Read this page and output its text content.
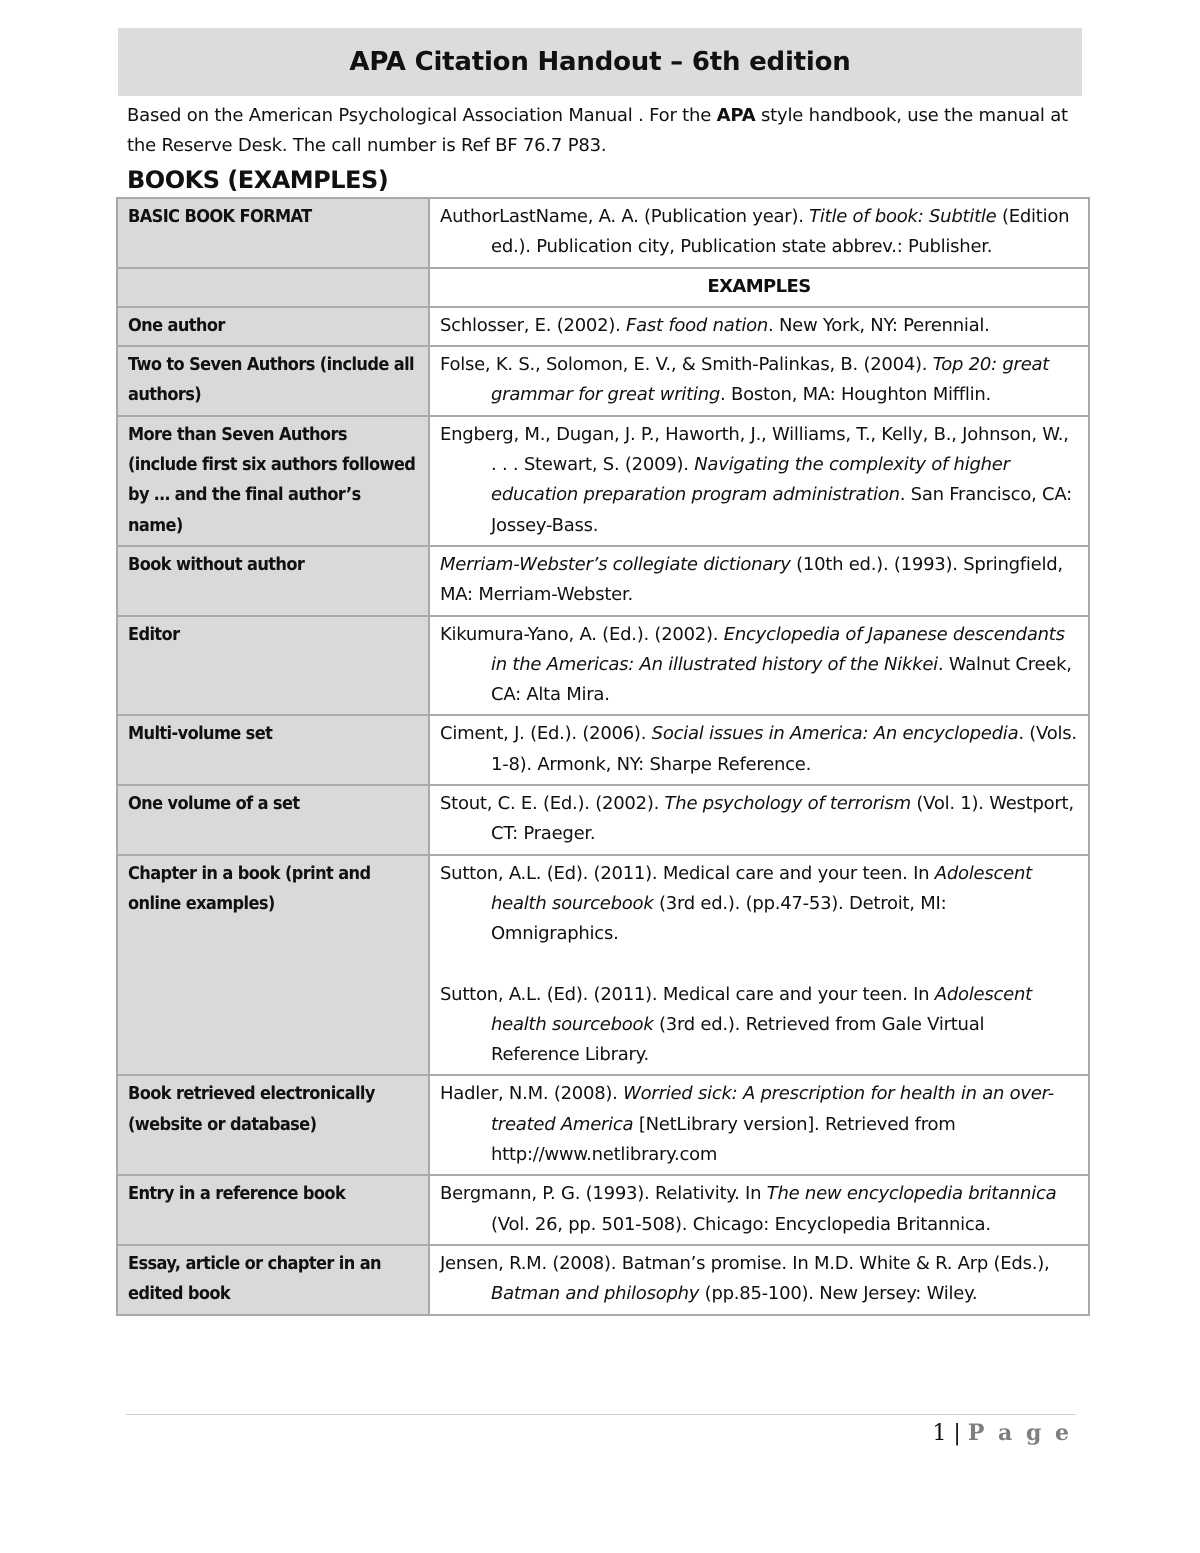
APA Citation Handout – 6th edition

Based on the American Psychological Association Manual . For the APA style handbook, use the manual at the Reserve Desk. The call number is Ref BF 76.7 P83.

BOOKS (EXAMPLES)
BASIC BOOK FORMAT	AuthorLastName, A. A. (Publication year). Title of book: Subtitle (Edition ed.). Publication city, Publication state abbrev.: Publisher.

	EXAMPLES
One author	Schlosser, E. (2002). Fast food nation. New York, NY: Perennial.

Two to Seven Authors (include all authors)	Folse, K. S., Solomon, E. V., & Smith-Palinkas, B. (2004). Top 20: great grammar for great writing. Boston, MA: Houghton Mifflin.

More than Seven Authors (include first six authors followed by … and the final author’s name)	Engberg, M., Dugan, J. P., Haworth, J., Williams, T., Kelly, B., Johnson, W., . . . Stewart, S. (2009). Navigating the complexity of higher education preparation program administration. San Francisco, CA: Jossey-Bass.

Book without author	Merriam-Webster’s collegiate dictionary (10th ed.). (1993). Springfield, MA: Merriam-Webster.

Editor	Kikumura-Yano, A. (Ed.). (2002). Encyclopedia of Japanese descendants in the Americas: An illustrated history of the Nikkei. Walnut Creek, CA: Alta Mira.

Multi-volume set	Ciment, J. (Ed.). (2006). Social issues in America: An encyclopedia. (Vols. 1-8). Armonk, NY: Sharpe Reference.

One volume of a set	Stout, C. E. (Ed.). (2002). The psychology of terrorism (Vol. 1). Westport, CT: Praeger.

Chapter in a book (print and online examples)	Sutton, A.L. (Ed). (2011). Medical care and your teen. In Adolescent health sourcebook (3rd ed.). (pp.47-53). Detroit, MI: Omnigraphics.
Sutton, A.L. (Ed). (2011). Medical care and your teen. In Adolescent health sourcebook (3rd ed.). Retrieved from Gale Virtual Reference Library.

Book retrieved electronically (website or database)	Hadler, N.M. (2008). Worried sick: A prescription for health in an over-treated America [NetLibrary version]. Retrieved from http://www.netlibrary.com

Entry in a reference book	Bergmann, P. G. (1993). Relativity. In The new encyclopedia britannica (Vol. 26, pp. 501-508). Chicago: Encyclopedia Britannica.

Essay, article or chapter in an edited book	Jensen, R.M. (2008). Batman’s promise. In M.D. White & R. Arp (Eds.), Batman and philosophy (pp.85-100). New Jersey: Wiley.
1 | P a g e
